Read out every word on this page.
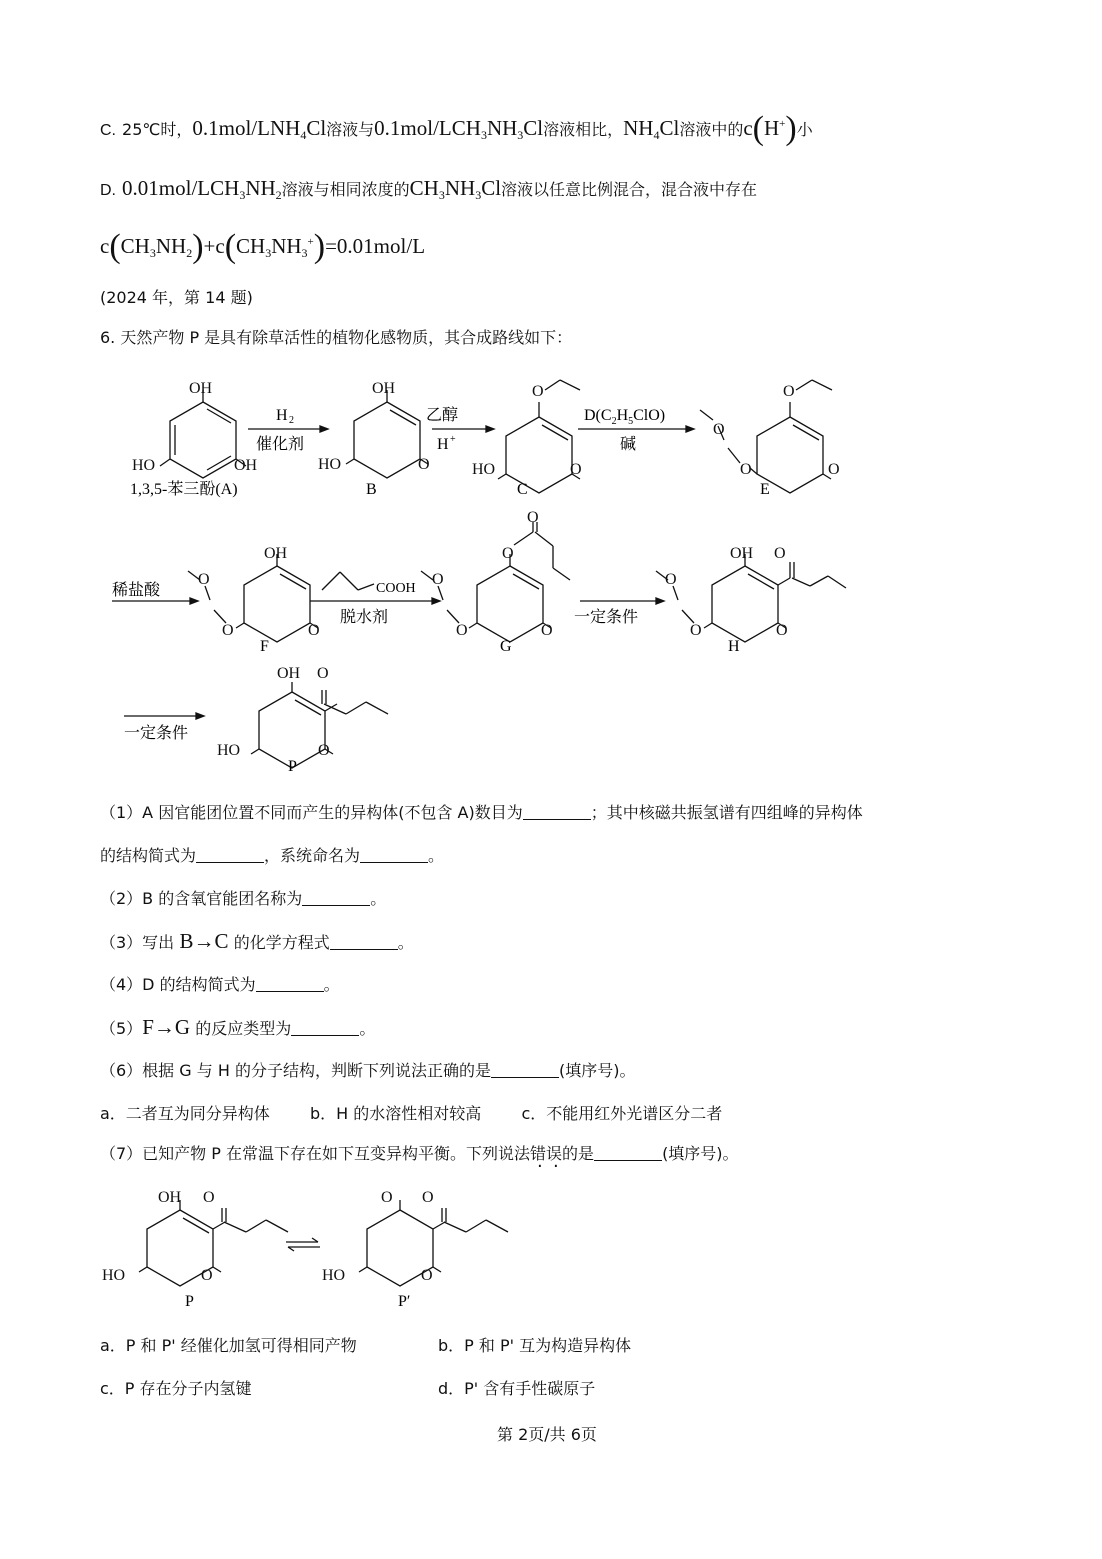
C. 25℃时，$0.1mol/LNH_4Cl$溶液与$0.1mol/LCH_3NH_3Cl$溶液相比，$NH_4Cl$溶液中的c(H+)小
D. $0.01mol/LCH_3NH_2$溶液与相同浓度的$CH_3NH_3Cl$溶液以任意比例混合，混合液中存在
$c(CH_3NH_2)+c(CH_3NH_3^+)=0.01mol/L$
(2024 年，第 14 题)
6. 天然产物 P 是具有除草活性的植物化感物质，其合成路线如下：
OH
HO	OH
OH
HO	O
O
HO	O
O
O	O
O
OH
O	O
O
O
O
O	O
O
OH O
O	O
O
OH O
HO	O
H 2
催化剂
乙醇
H +
$D(C_2H_5ClO)$
碱
稀盐酸	COOH
脱水剂	一定条件
一定条件
1,3,5-苯三酚(A)	B	C	E
F	G	H
P
（1）A 因官能团位置不同而产生的异构体(不包含 A)数目为	；其中核磁共振氢谱有四组峰的异构体
的结构简式为	，系统命名为	。
（2）B 的含氧官能团名称为	。
（3）写出 B→C 的化学方程式	。
（4）D 的结构简式为	。
（5）F→G 的反应类型为	。
（6）根据 G 与 H 的分子结构，判断下列说法正确的是	(填序号)。
a．二者互为同分异构体	b．H 的水溶性相对较高	c．不能用红外光谱区分二者
（7）已知产物 P 在常温下存在如下互变异构平衡。下列说法错误的是	(填序号)。
OH O
HO	O
O O
HO	O
P	P′
a．P 和 P' 经催化加氢可得相同产物	b．P 和 P' 互为构造异构体
c．P 存在分子内氢键	d．P' 含有手性碳原子
第 2页/共 6页
